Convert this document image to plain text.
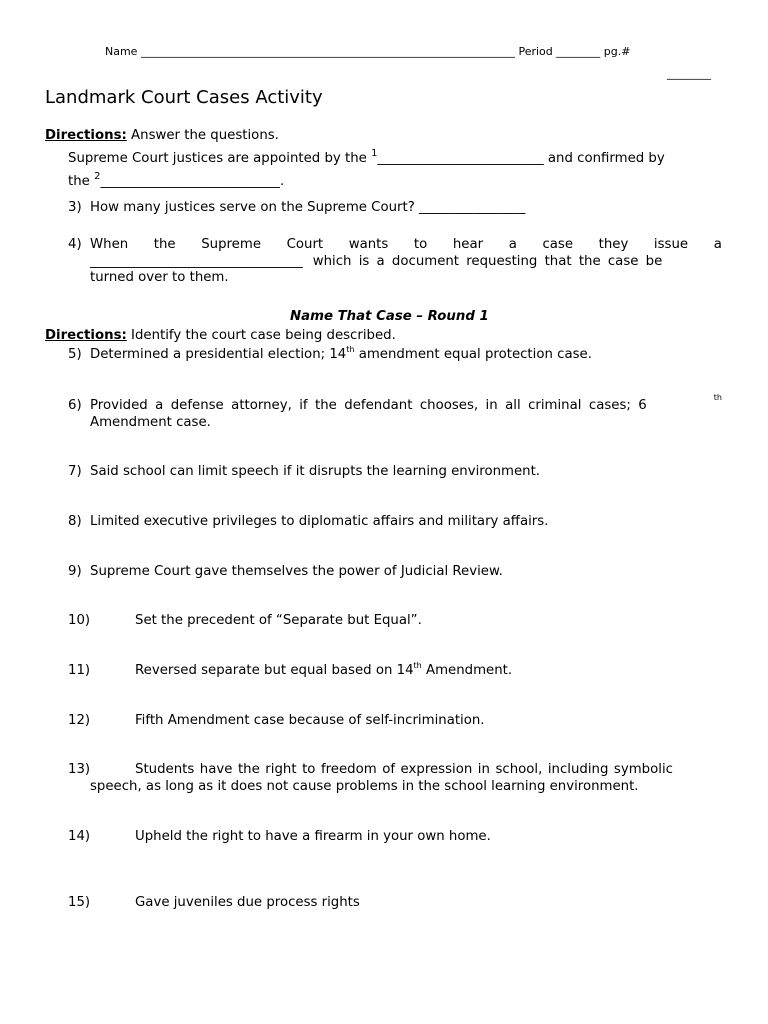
Name ____________________________________________________________________ Period ________ pg.#
________
Landmark Court Cases Activity
Directions: Answer the questions.
Supreme Court justices are appointed by the $^1$_________________________ and confirmed by
the $^2$___________________________.
3) How many justices serve on the Supreme Court? ________________
4) When the Supreme Court wants to hear a case they issue a
________________________________ which is a document requesting that the case be
turned over to them.
Name That Case – Round 1
Directions: Identify the court case being described.
5) Determined a presidential election; 14th amendment equal protection case.
6) Provided a defense attorney, if the defendant chooses, in all criminal cases; 6
th
Amendment case.
7) Said school can limit speech if it disrupts the learning environment.
8) Limited executive privileges to diplomatic affairs and military affairs.
9) Supreme Court gave themselves the power of Judicial Review.
10)	Set the precedent of “Separate but Equal”.
11)	Reversed separate but equal based on 14th Amendment.
12)	Fifth Amendment case because of self-incrimination.
13)	Students have the right to freedom of expression in school, including symbolic
speech, as long as it does not cause problems in the school learning environment.
14)	Upheld the right to have a firearm in your own home.
15)	Gave juveniles due process rights
